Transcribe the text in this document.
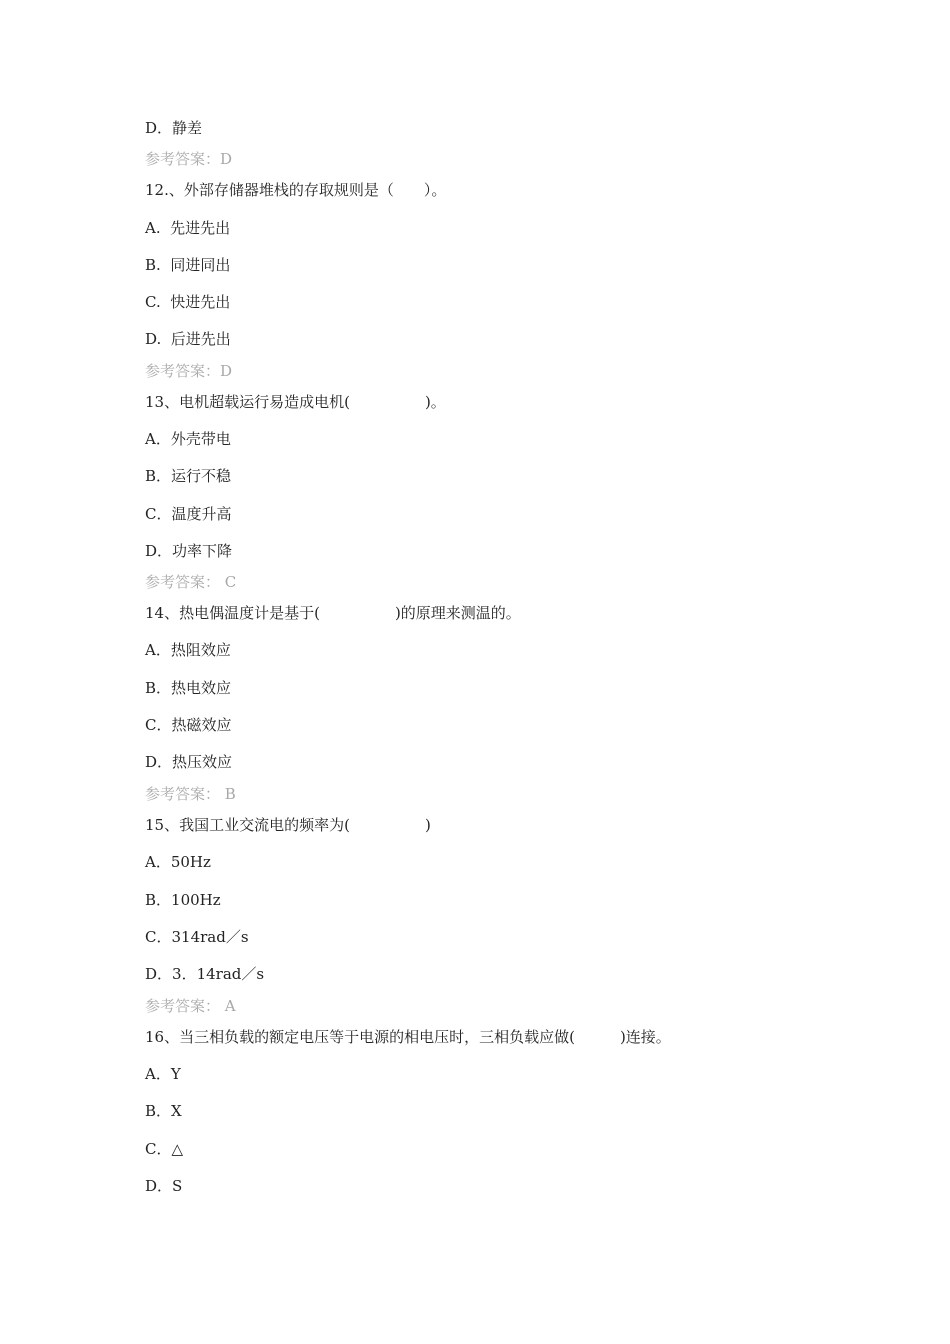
D．静差
参考答案：D
12.、外部存储器堆栈的存取规则是（　　）。
A.  先进先出
B.  同进同出
C.  快进先出
D.  后进先出
参考答案：D
13、电机超载运行易造成电机(　　　　　)。
A．外壳带电
B．运行不稳
C．温度升高
D．功率下降
参考答案： C
14、热电偶温度计是基于(　　　　　)的原理来测温的。
A．热阻效应
B．热电效应
C．热磁效应
D．热压效应
参考答案： B
15、我国工业交流电的频率为(　　　　　)
A．50Hz
B．100Hz
C．314rad／s
D．3．14rad／s
参考答案： A
16、当三相负载的额定电压等于电源的相电压时，三相负载应做(　　　)连接。
A．Y
B．X
C．△
D．S
